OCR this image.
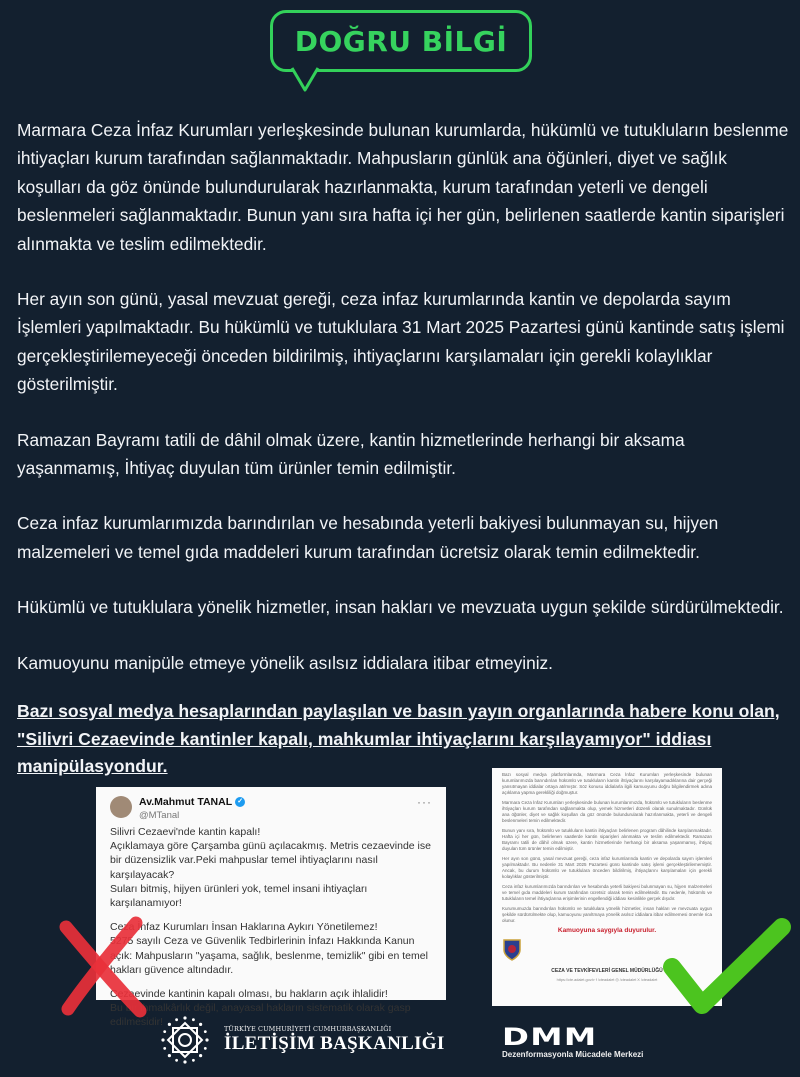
DOĞRU BİLGİ

Marmara Ceza İnfaz Kurumları yerleşkesinde bulunan kurumlarda, hükümlü ve tutukluların beslenme ihtiyaçları kurum tarafından sağlanmaktadır. Mahpusların günlük ana öğünleri, diyet ve sağlık koşulları da göz önünde bulundurularak hazırlanmakta, kurum tarafından yeterli ve dengeli beslenmeleri sağlanmaktadır. Bunun yanı sıra hafta içi her gün, belirlenen saatlerde kantin siparişleri alınmakta ve teslim edilmektedir.

Her ayın son günü, yasal mevzuat gereği, ceza infaz kurumlarında kantin ve depolarda sayım İşlemleri yapılmaktadır. Bu hükümlü ve tutuklulara 31 Mart 2025 Pazartesi günü kantinde satış işlemi gerçekleştirilemeyeceği önceden bildirilmiş, ihtiyaçlarını karşılamaları için gerekli kolaylıklar gösterilmiştir.

Ramazan Bayramı tatili de dâhil olmak üzere, kantin hizmetlerinde herhangi bir aksama yaşanmamış, İhtiyaç duyulan tüm ürünler temin edilmiştir.

Ceza infaz kurumlarımızda barındırılan ve hesabında yeterli bakiyesi bulunmayan su, hijyen malzemeleri ve temel gıda maddeleri kurum tarafından ücretsiz olarak temin edilmektedir.

Hükümlü ve tutuklulara yönelik hizmetler, insan hakları ve mevzuata uygun şekilde sürdürülmektedir.

Kamuoyunu manipüle etmeye yönelik asılsız iddialara itibar etmeyiniz.

Bazı sosyal medya hesaplarından paylaşılan ve basın yayın organlarında habere konu olan, "Silivri Cezaevinde kantinler kapalı, mahkumlar ihtiyaçlarını karşılayamıyor" iddiası manipülasyondur.

Av.Mahmut TANAL ✓
@MTanal
···

Silivri Cezaevi'nde kantin kapalı!
Açıklamaya göre Çarşamba günü açılacakmış. Metris cezaevinde ise bir düzensizlik var.Peki mahpuslar temel ihtiyaçlarını nasıl karşılayacak?
Suları bitmiş, hijyen ürünleri yok, temel insani ihtiyaçları karşılanamıyor!

Ceza İnfaz Kurumları İnsan Haklarına Aykırı Yönetilemez!
5275 sayılı Ceza ve Güvenlik Tedbirlerinin İnfazı Hakkında Kanun açık: Mahpusların "yaşama, sağlık, beslenme, temizlik" gibi en temel hakları güvence altındadır.

Cezaevinde kantinin kapalı olması, bu hakların açık ihlalidir!
Bu bir ihmalkârlık değil, anayasal hakların sistematik olarak gasp edilmesidir!

Bazı sosyal medya platformlarında, Marmara Ceza İnfaz Kurumları yerleşkesinde bulunan kurumlarımızda barındırılan hükümlü ve tutukluların kantin ihtiyaçlarını karşılayamadıklarına dair gerçeği yansıtmayan iddialar ortaya atılmıştır. Söz konusu iddialarla ilgili kamuoyunu doğru bilgilendirmek adına açıklama yapma gerekliliği doğmuştur.

Marmara Ceza İnfaz Kurumları yerleşkesinde bulunan kurumlarımızda, hükümlü ve tutukluların beslenme ihtiyaçları kurum tarafından sağlanmakta olup, yemek hizmetleri düzenli olarak sunulmaktadır. Günlük ana öğünler, diyet ve sağlık koşulları da göz önünde bulundurularak hazırlanmakta, yeterli ve dengeli beslenmeleri temin edilmektedir.

Bunun yanı sıra, hükümlü ve tutukluların kantin ihtiyaçları belirlenen program dâhilinde karşılanmaktadır. Hafta içi her gün, belirlenen saatlerde kantin siparişleri alınmakta ve teslim edilmektedir. Ramazan Bayramı tatili de dâhil olmak üzere, kantin hizmetlerinde herhangi bir aksama yaşanmamış, ihtiyaç duyulan tüm ürünler temin edilmiştir.

Her ayın son günü, yasal mevzuat gereği, ceza infaz kurumlarında kantin ve depolarda sayım işlemleri yapılmaktadır. Bu nedenle 31 Mart 2025 Pazartesi günü kantinde satış işlemi gerçekleştirilememiştir. Ancak, bu durum hükümlü ve tutuklulara önceden bildirilmiş, ihtiyaçlarını karşılamaları için gerekli kolaylıklar gösterilmiştir.

Ceza infaz kurumlarımızda barındırılan ve hesabında yeterli bakiyesi bulunmayan su, hijyen malzemeleri ve temel gıda maddeleri kurum tarafından ücretsiz olarak temin edilmektedir. Bu nedenle, hükümlü ve tutukluların temel ihtiyaçlarına erişimlerinin engellendiği iddiası kesinlikle gerçek dışıdır.

Kurumumuzda barındırılan hükümlü ve tutuklulara yönelik hizmetler, insan hakları ve mevzuata uygun şekilde sürdürülmekte olup, kamuoyunu yanıltmaya yönelik asılsız iddialara itibar edilmemesi önemle rica olunur.

Kamuoyuna saygıyla duyurulur.
CEZA VE TEVKİFEVLERİ GENEL MÜDÜRLÜĞÜ
https://cte.adalet.gov.tr f /cteadalet ◎ /cteadalet X /cteadalet
TÜRKİYE CUMHURİYETİ CUMHURBAŞKANLIĞI
İLETİŞİM BAŞKANLIĞI DMM
Dezenformasyonla Mücadele Merkezi
